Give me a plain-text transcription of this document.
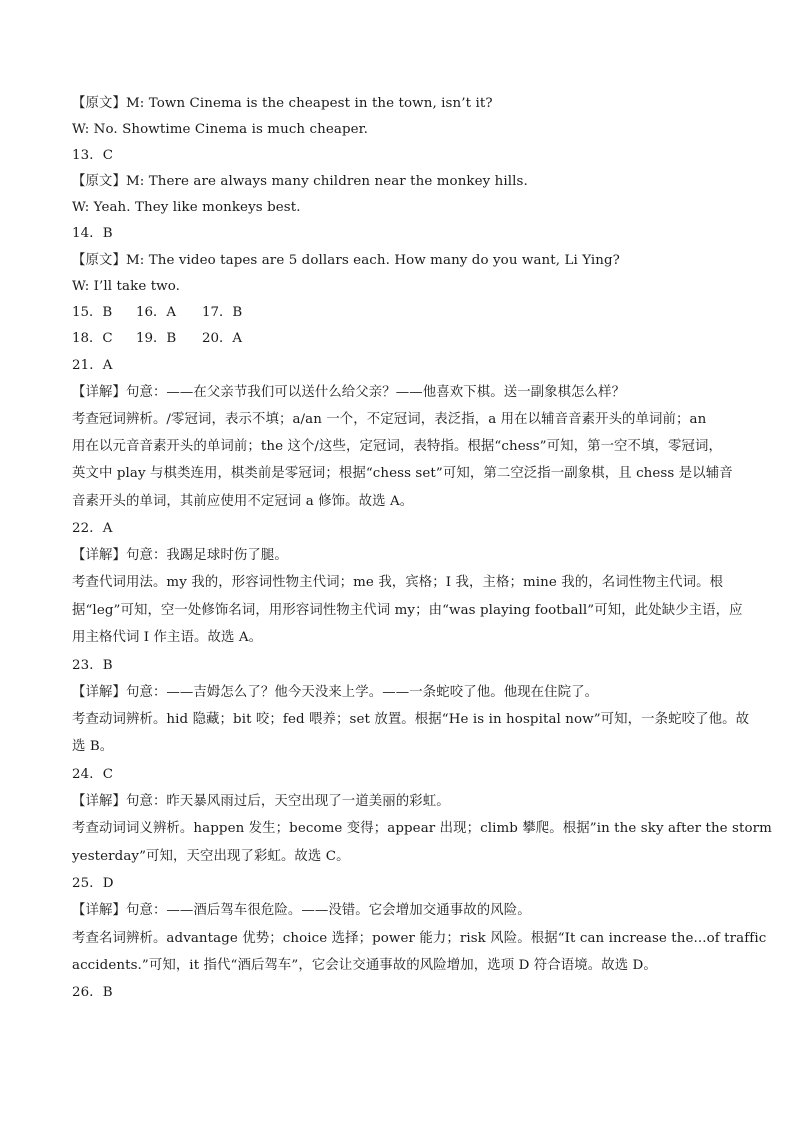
【原文】M: Town Cinema is the cheapest in the town, isn’t it?
W: No. Showtime Cinema is much cheaper.
13．C
【原文】M: There are always many children near the monkey hills.
W: Yeah. They like monkeys best.
14．B
【原文】M: The video tapes are 5 dollars each. How many do you want, Li Ying?
W: I’ll take two.
15．B 16．A 17．B
18．C 19．B 20．A
21．A
【详解】句意：——在父亲节我们可以送什么给父亲？——他喜欢下棋。送一副象棋怎么样？
考查冠词辨析。/零冠词，表示不填；a/an 一个，不定冠词，表泛指，a 用在以辅音音素开头的单词前；an
用在以元音音素开头的单词前；the 这个/这些，定冠词，表特指。根据“chess”可知，第一空不填，零冠词，
英文中 play 与棋类连用，棋类前是零冠词；根据“chess set”可知，第二空泛指一副象棋，且 chess 是以辅音
音素开头的单词，其前应使用不定冠词 a 修饰。故选 A。
22．A
【详解】句意：我踢足球时伤了腿。
考查代词用法。my 我的，形容词性物主代词；me 我，宾格；I 我，主格；mine 我的，名词性物主代词。根
据“leg”可知，空一处修饰名词，用形容词性物主代词 my；由“was playing football”可知，此处缺少主语，应
用主格代词 I 作主语。故选 A。
23．B
【详解】句意：——吉姆怎么了？他今天没来上学。——一条蛇咬了他。他现在住院了。
考查动词辨析。hid 隐藏；bit 咬；fed 喂养；set 放置。根据“He is in hospital now”可知，一条蛇咬了他。故
选 B。
24．C
【详解】句意：昨天暴风雨过后，天空出现了一道美丽的彩虹。
考查动词词义辨析。happen 发生；become 变得；appear 出现；climb 攀爬。根据”in the sky after the storm
yesterday”可知，天空出现了彩虹。故选 C。
25．D
【详解】句意：——酒后驾车很危险。——没错。它会增加交通事故的风险。
考查名词辨析。advantage 优势；choice 选择；power 能力；risk 风险。根据“It can increase the...of traffic
accidents.”可知，it 指代“酒后驾车”，它会让交通事故的风险增加，选项 D 符合语境。故选 D。
26．B
